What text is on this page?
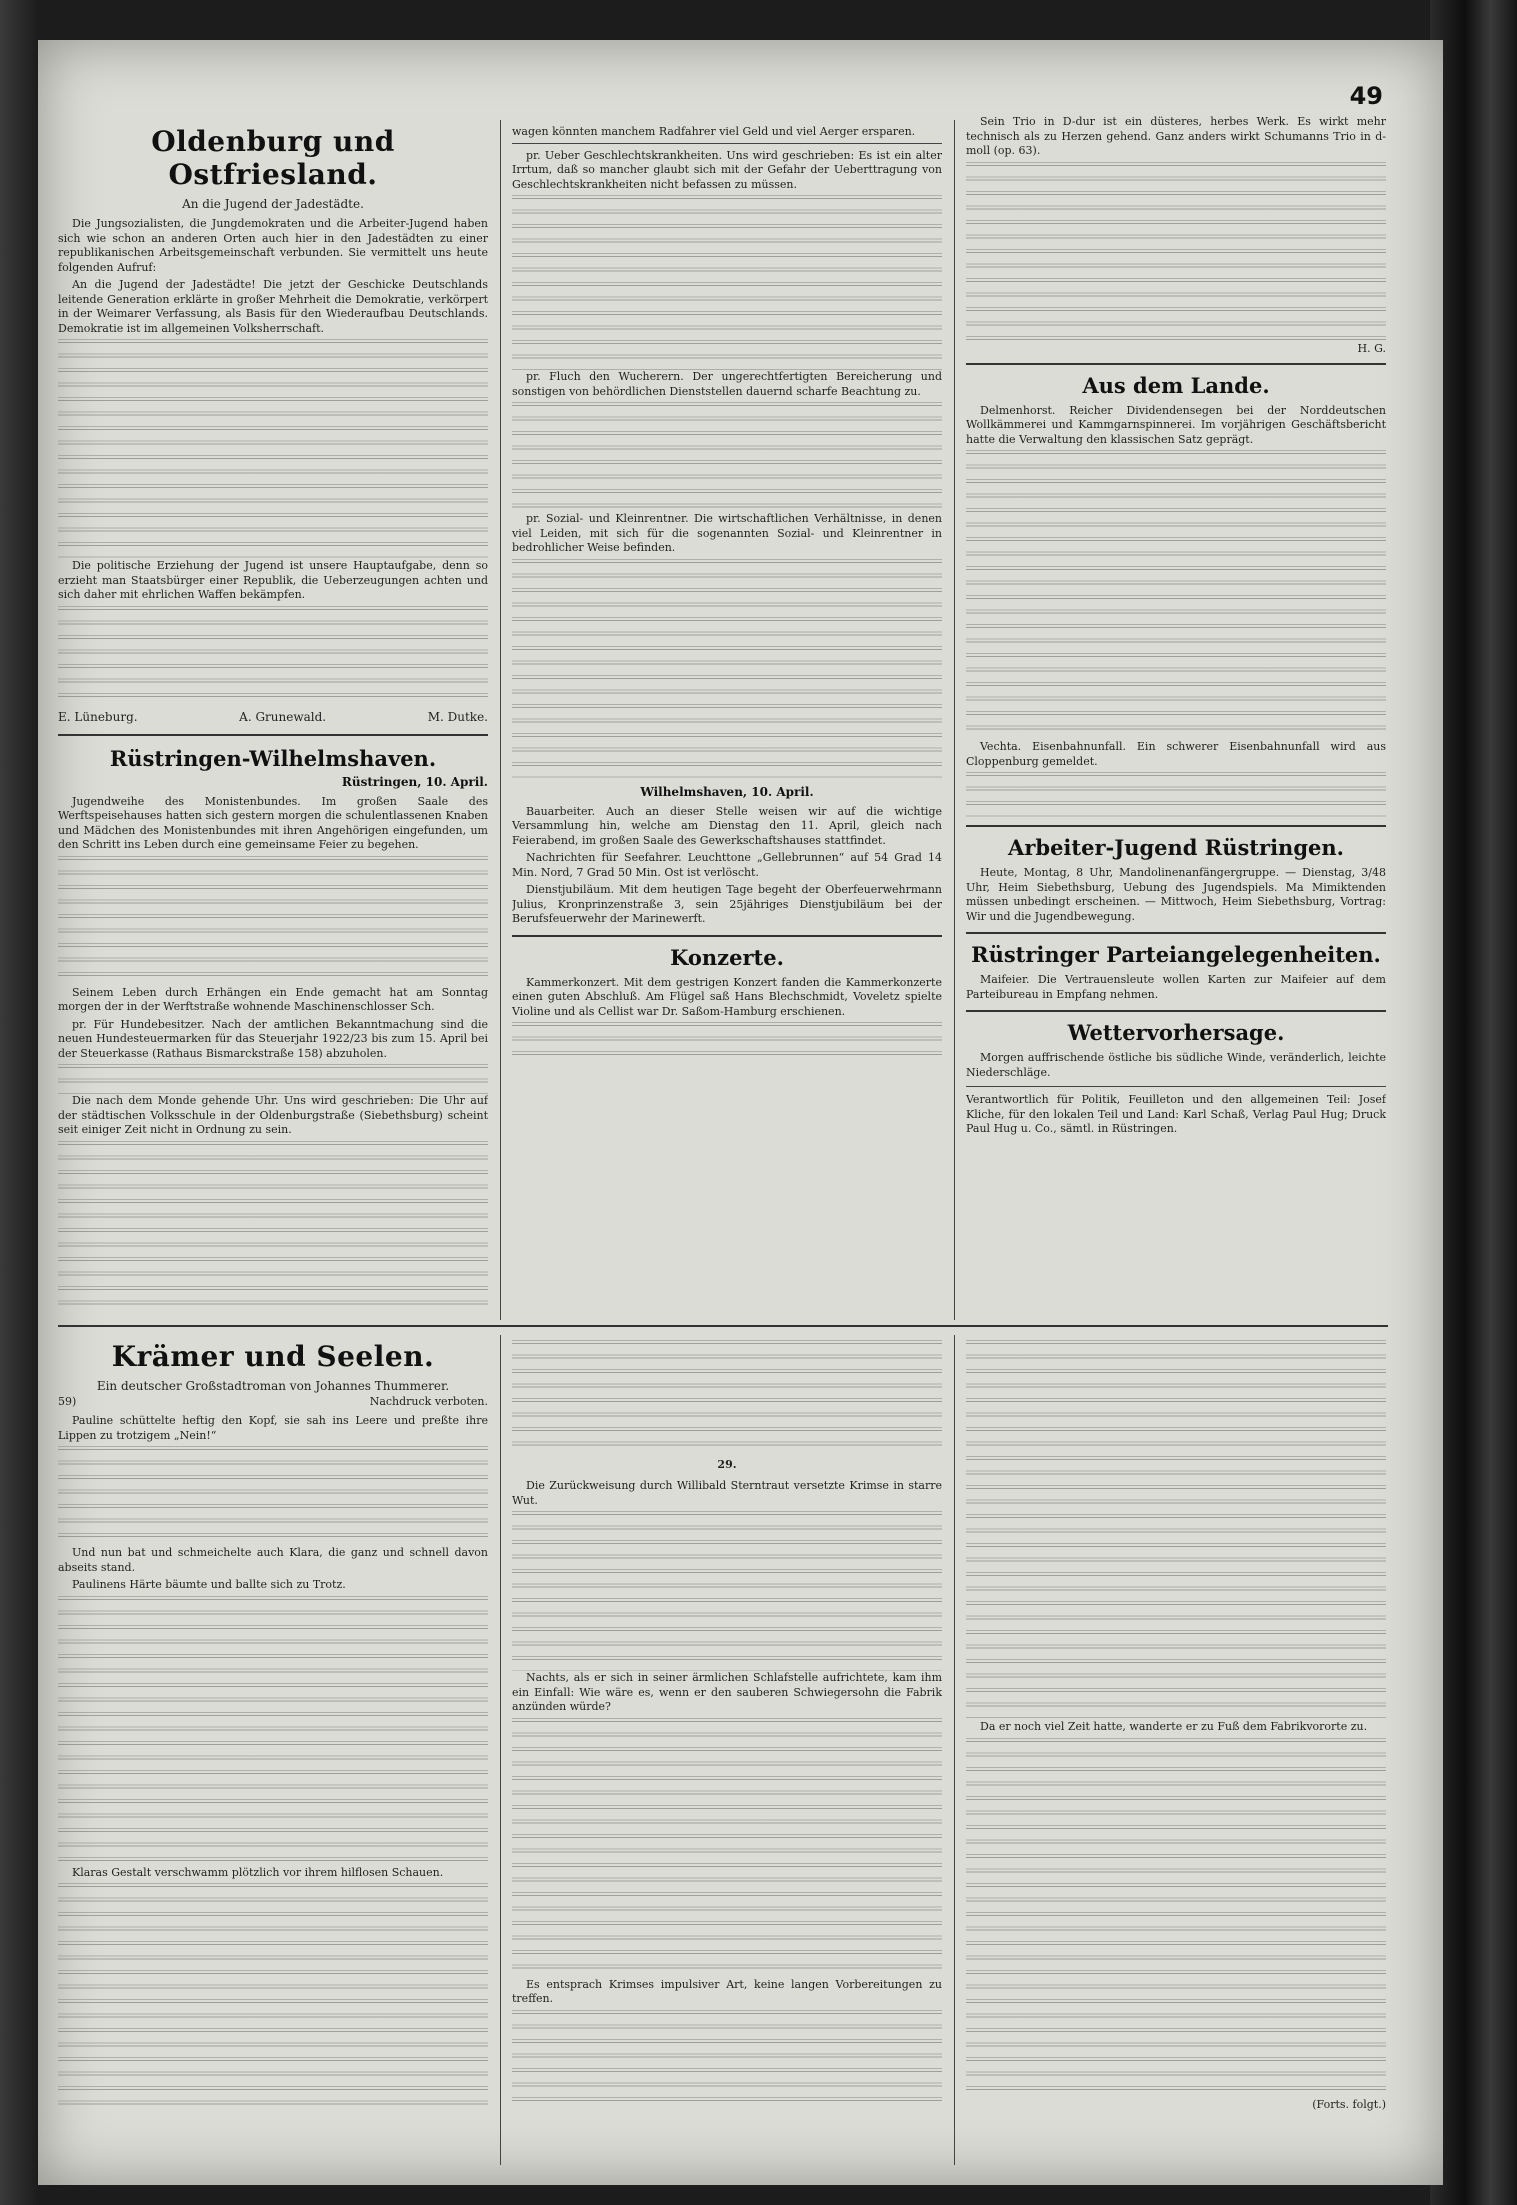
49
Oldenburg und Ostfriesland.
An die Jugend der Jadestädte.

Die Jungsozialisten, die Jungdemokraten und die Arbeiter-Jugend haben sich wie schon an anderen Orten auch hier in den Jadestädten zu einer republikanischen Arbeitsgemeinschaft verbunden. Sie vermittelt uns heute folgenden Aufruf:

An die Jugend der Jadestädte! Die jetzt der Geschicke Deutschlands leitende Generation erklärte in großer Mehrheit die Demokratie, verkörpert in der Weimarer Verfassung, als Basis für den Wiederaufbau Deutschlands. Demokratie ist im allgemeinen Volksherrschaft.

Die politische Erziehung der Jugend ist unsere Hauptaufgabe, denn so erzieht man Staatsbürger einer Republik, die Ueberzeugungen achten und sich daher mit ehrlichen Waffen bekämpfen.

E. Lüneburg.	A. Grunewald.	M. Dutke.
Rüstringen-Wilhelmshaven.
Rüstringen, 10. April.

Jugendweihe des Monistenbundes. Im großen Saale des Werftspeisehauses hatten sich gestern morgen die schulentlassenen Knaben und Mädchen des Monistenbundes mit ihren Angehörigen eingefunden, um den Schritt ins Leben durch eine gemeinsame Feier zu begehen.

Seinem Leben durch Erhängen ein Ende gemacht hat am Sonntag morgen der in der Werftstraße wohnende Maschinenschlosser Sch.

pr. Für Hundebesitzer. Nach der amtlichen Bekanntmachung sind die neuen Hundesteuermarken für das Steuerjahr 1922/23 bis zum 15. April bei der Steuerkasse (Rathaus Bismarckstraße 158) abzuholen.

Die nach dem Monde gehende Uhr. Uns wird geschrieben: Die Uhr auf der städtischen Volksschule in der Oldenburgstraße (Siebethsburg) scheint seit einiger Zeit nicht in Ordnung zu sein.

wagen könnten manchem Radfahrer viel Geld und viel Aerger ersparen.

pr. Ueber Geschlechtskrankheiten. Uns wird geschrieben: Es ist ein alter Irrtum, daß so mancher glaubt sich mit der Gefahr der Ueberttragung von Geschlechtskrankheiten nicht befassen zu müssen.

pr. Fluch den Wucherern. Der ungerechtfertigten Bereicherung und sonstigen von behördlichen Dienststellen dauernd scharfe Beachtung zu.

pr. Sozial- und Kleinrentner. Die wirtschaftlichen Verhältnisse, in denen viel Leiden, mit sich für die sogenannten Sozial- und Kleinrentner in bedrohlicher Weise befinden.

Wilhelmshaven, 10. April.

Bauarbeiter. Auch an dieser Stelle weisen wir auf die wichtige Versammlung hin, welche am Dienstag den 11. April, gleich nach Feierabend, im großen Saale des Gewerkschaftshauses stattfindet.

Nachrichten für Seefahrer. Leuchttone „Gellebrunnen“ auf 54 Grad 14 Min. Nord, 7 Grad 50 Min. Ost ist verlöscht.

Dienstjubiläum. Mit dem heutigen Tage begeht der Oberfeuerwehrmann Julius, Kronprinzenstraße 3, sein 25jähriges Dienstjubiläum bei der Berufsfeuerwehr der Marinewerft.

Konzerte.

Kammerkonzert. Mit dem gestrigen Konzert fanden die Kammerkonzerte einen guten Abschluß. Am Flügel saß Hans Blechschmidt, Voveletz spielte Violine und als Cellist war Dr. Saßom-Hamburg erschienen.

Sein Trio in D-dur ist ein düsteres, herbes Werk. Es wirkt mehr technisch als zu Herzen gehend. Ganz anders wirkt Schumanns Trio in d-moll (op. 63).

H. G.
Aus dem Lande.

Delmenhorst. Reicher Dividendensegen bei der Norddeutschen Wollkämmerei und Kammgarnspinnerei. Im vorjährigen Geschäftsbericht hatte die Verwaltung den klassischen Satz geprägt.

Vechta. Eisenbahnunfall. Ein schwerer Eisenbahnunfall wird aus Cloppenburg gemeldet.

Arbeiter-Jugend Rüstringen.

Heute, Montag, 8 Uhr, Mandolinenanfängergruppe. — Dienstag, 3/48 Uhr, Heim Siebethsburg, Uebung des Jugendspiels. Ma Mimiktenden müssen unbedingt erscheinen. — Mittwoch, Heim Siebethsburg, Vortrag: Wir und die Jugendbewegung.

Rüstringer Parteiangelegenheiten.

Maifeier. Die Vertrauensleute wollen Karten zur Maifeier auf dem Parteibureau in Empfang nehmen.

Wettervorhersage.

Morgen auffrischende östliche bis südliche Winde, veränderlich, leichte Niederschläge.

Verantwortlich für Politik, Feuilleton und den allgemeinen Teil: Josef Kliche, für den lokalen Teil und Land: Karl Schaß, Verlag Paul Hug; Druck Paul Hug u. Co., sämtl. in Rüstringen.

Krämer und Seelen.
Ein deutscher Großstadtroman von Johannes Thummerer.
59)	Nachdruck verboten.

Pauline schüttelte heftig den Kopf, sie sah ins Leere und preßte ihre Lippen zu trotzigem „Nein!“

Und nun bat und schmeichelte auch Klara, die ganz und schnell davon abseits stand.

Paulinens Härte bäumte und ballte sich zu Trotz.

Klaras Gestalt verschwamm plötzlich vor ihrem hilflosen Schauen.

29.

Die Zurückweisung durch Willibald Sterntraut versetzte Krimse in starre Wut.

Nachts, als er sich in seiner ärmlichen Schlafstelle aufrichtete, kam ihm ein Einfall: Wie wäre es, wenn er den sauberen Schwiegersohn die Fabrik anzünden würde?

Es entsprach Krimses impulsiver Art, keine langen Vorbereitungen zu treffen.

Da er noch viel Zeit hatte, wanderte er zu Fuß dem Fabrikvororte zu.

(Forts. folgt.)
